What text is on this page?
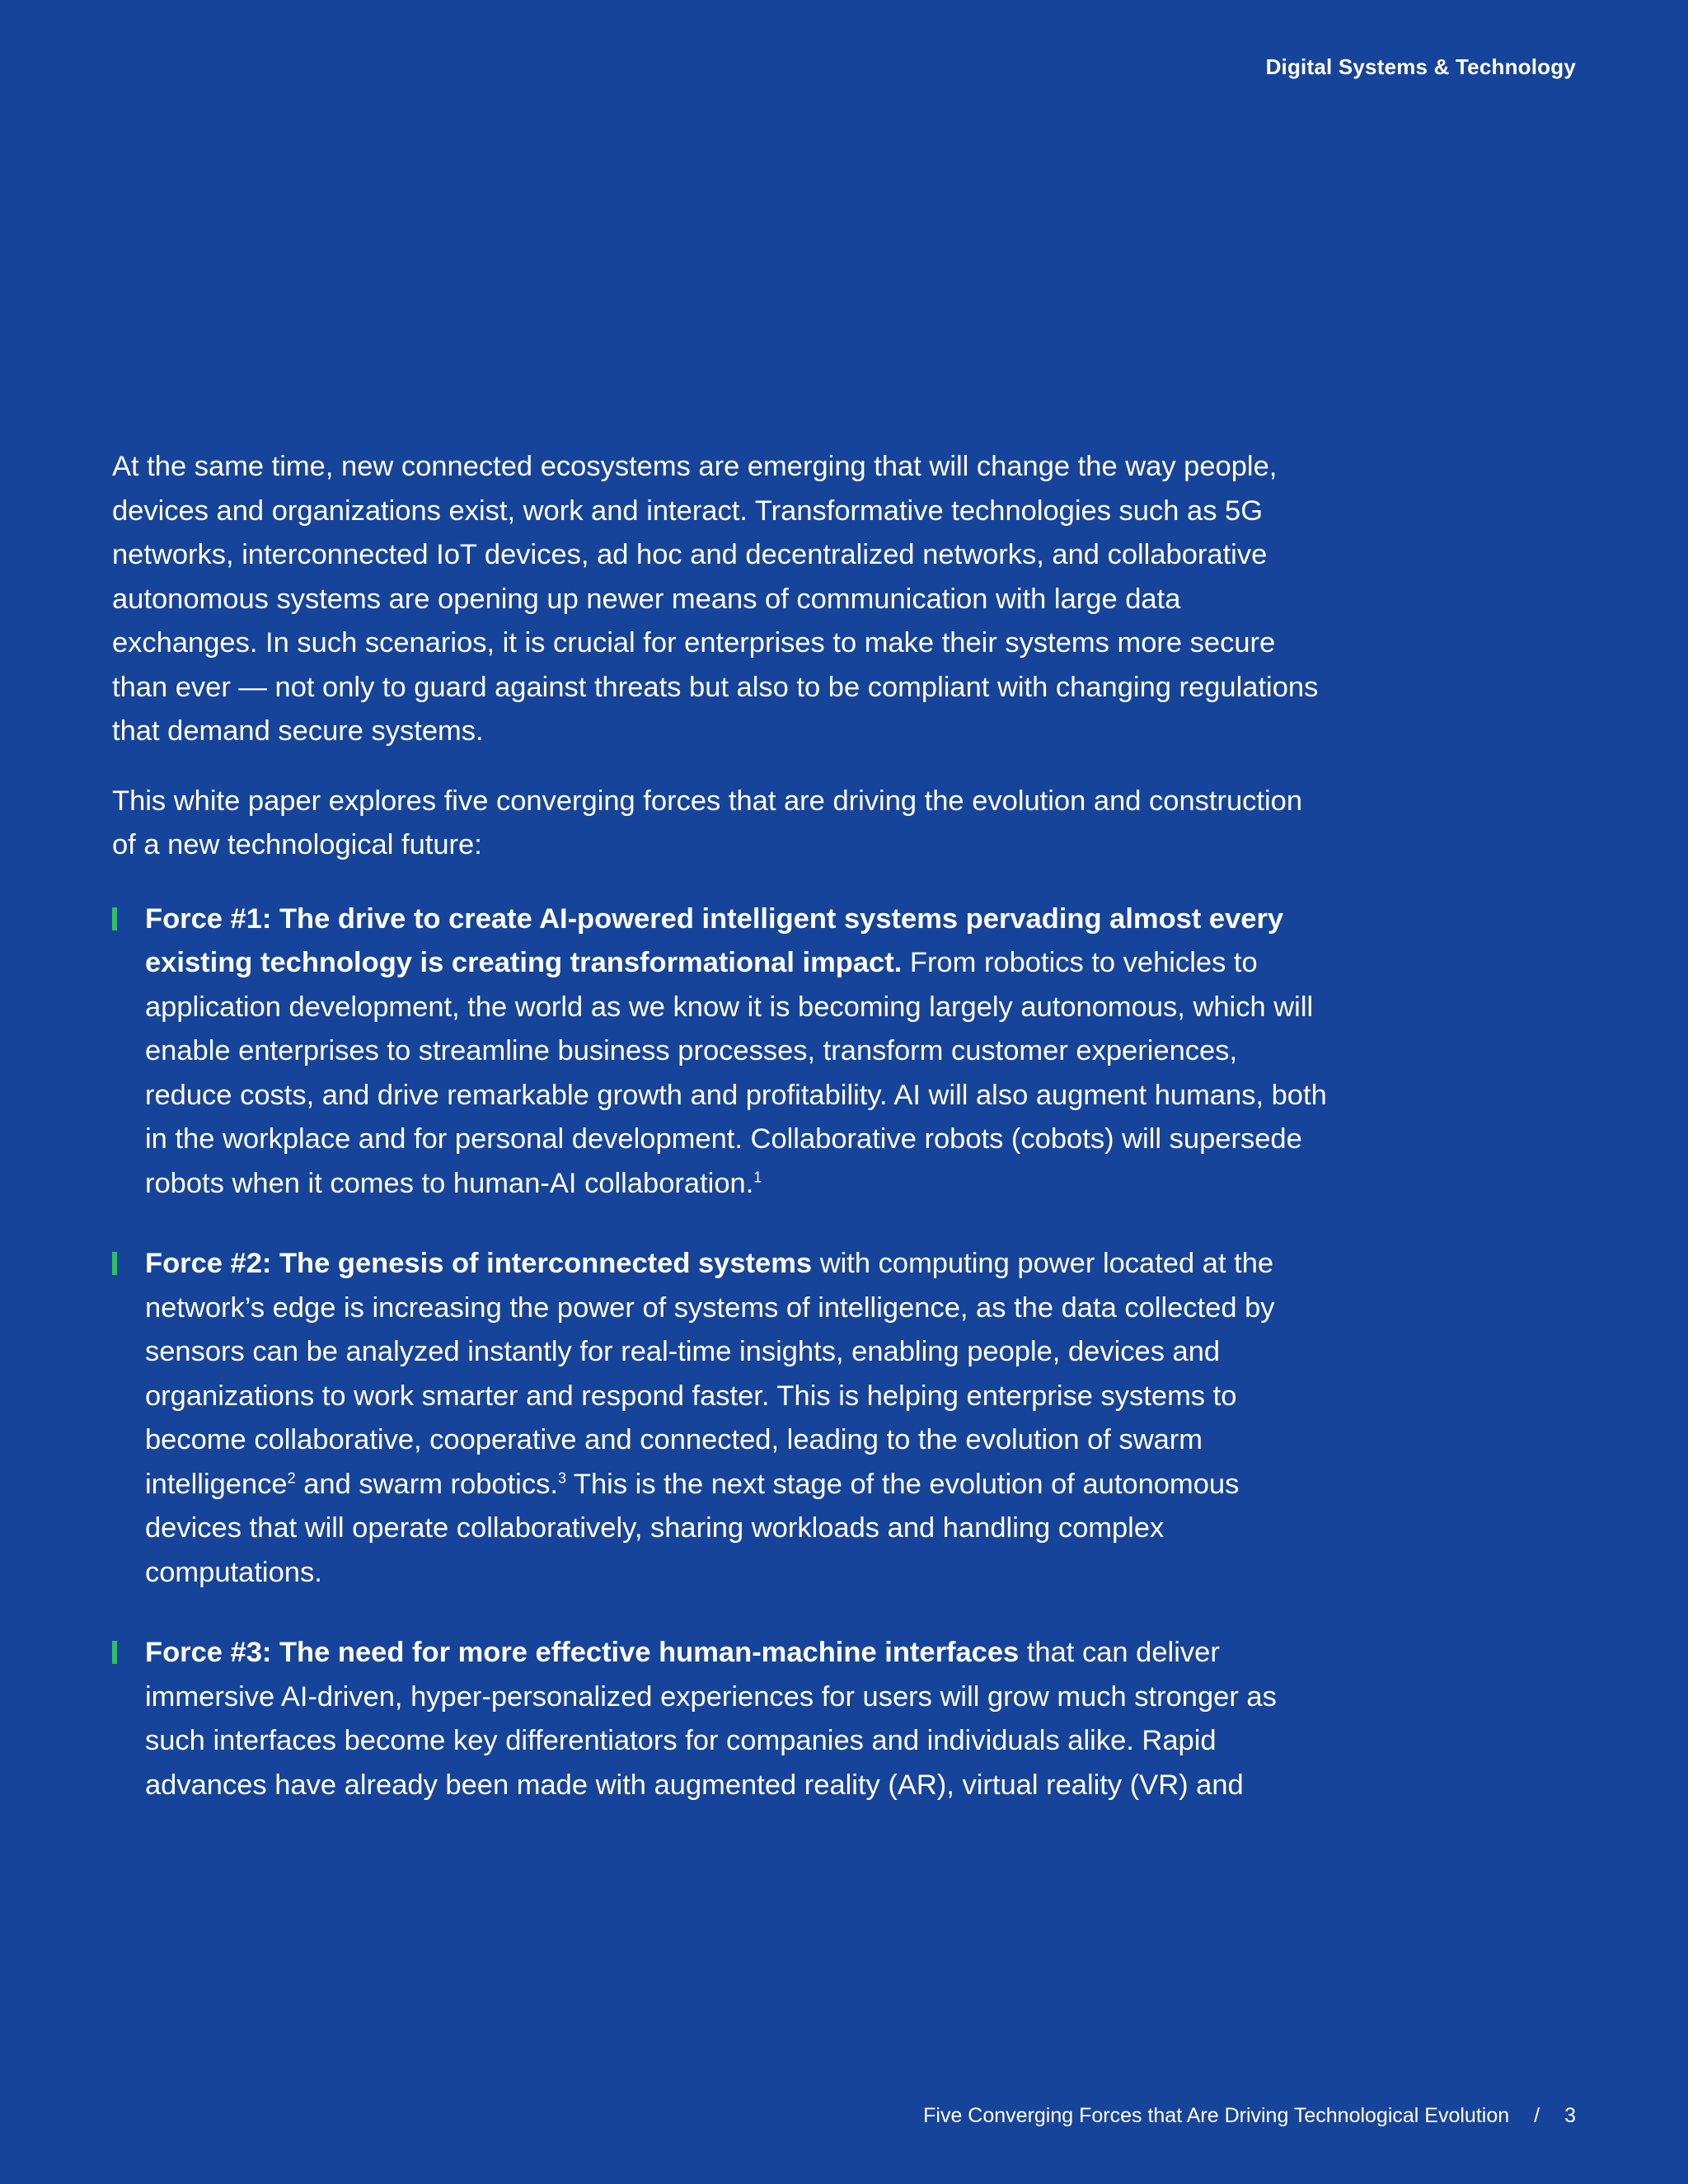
Digital Systems & Technology

At the same time, new connected ecosystems are emerging that will change the way people, devices and organizations exist, work and interact. Transformative technologies such as 5G networks, interconnected IoT devices, ad hoc and decentralized networks, and collaborative autonomous systems are opening up newer means of communication with large data exchanges. In such scenarios, it is crucial for enterprises to make their systems more secure than ever — not only to guard against threats but also to be compliant with changing regulations that demand secure systems.

This white paper explores five converging forces that are driving the evolution and construction of a new technological future:

Force #1: The drive to create AI-powered intelligent systems pervading almost every existing technology is creating transformational impact. From robotics to vehicles to application development, the world as we know it is becoming largely autonomous, which will enable enterprises to streamline business processes, transform customer experiences, reduce costs, and drive remarkable growth and profitability. AI will also augment humans, both in the workplace and for personal development. Collaborative robots (cobots) will supersede robots when it comes to human-AI collaboration.$^1$

Force #2: The genesis of interconnected systems with computing power located at the network’s edge is increasing the power of systems of intelligence, as the data collected by sensors can be analyzed instantly for real-time insights, enabling people, devices and organizations to work smarter and respond faster. This is helping enterprise systems to become collaborative, cooperative and connected, leading to the evolution of swarm intelligence$^2$ and swarm robotics.$^3$ This is the next stage of the evolution of autonomous devices that will operate collaboratively, sharing workloads and handling complex computations.

Force #3: The need for more effective human-machine interfaces that can deliver immersive AI-driven, hyper-personalized experiences for users will grow much stronger as such interfaces become key differentiators for companies and individuals alike. Rapid advances have already been made with augmented reality (AR), virtual reality (VR) and

Five Converging Forces that Are Driving Technological Evolution / 3
